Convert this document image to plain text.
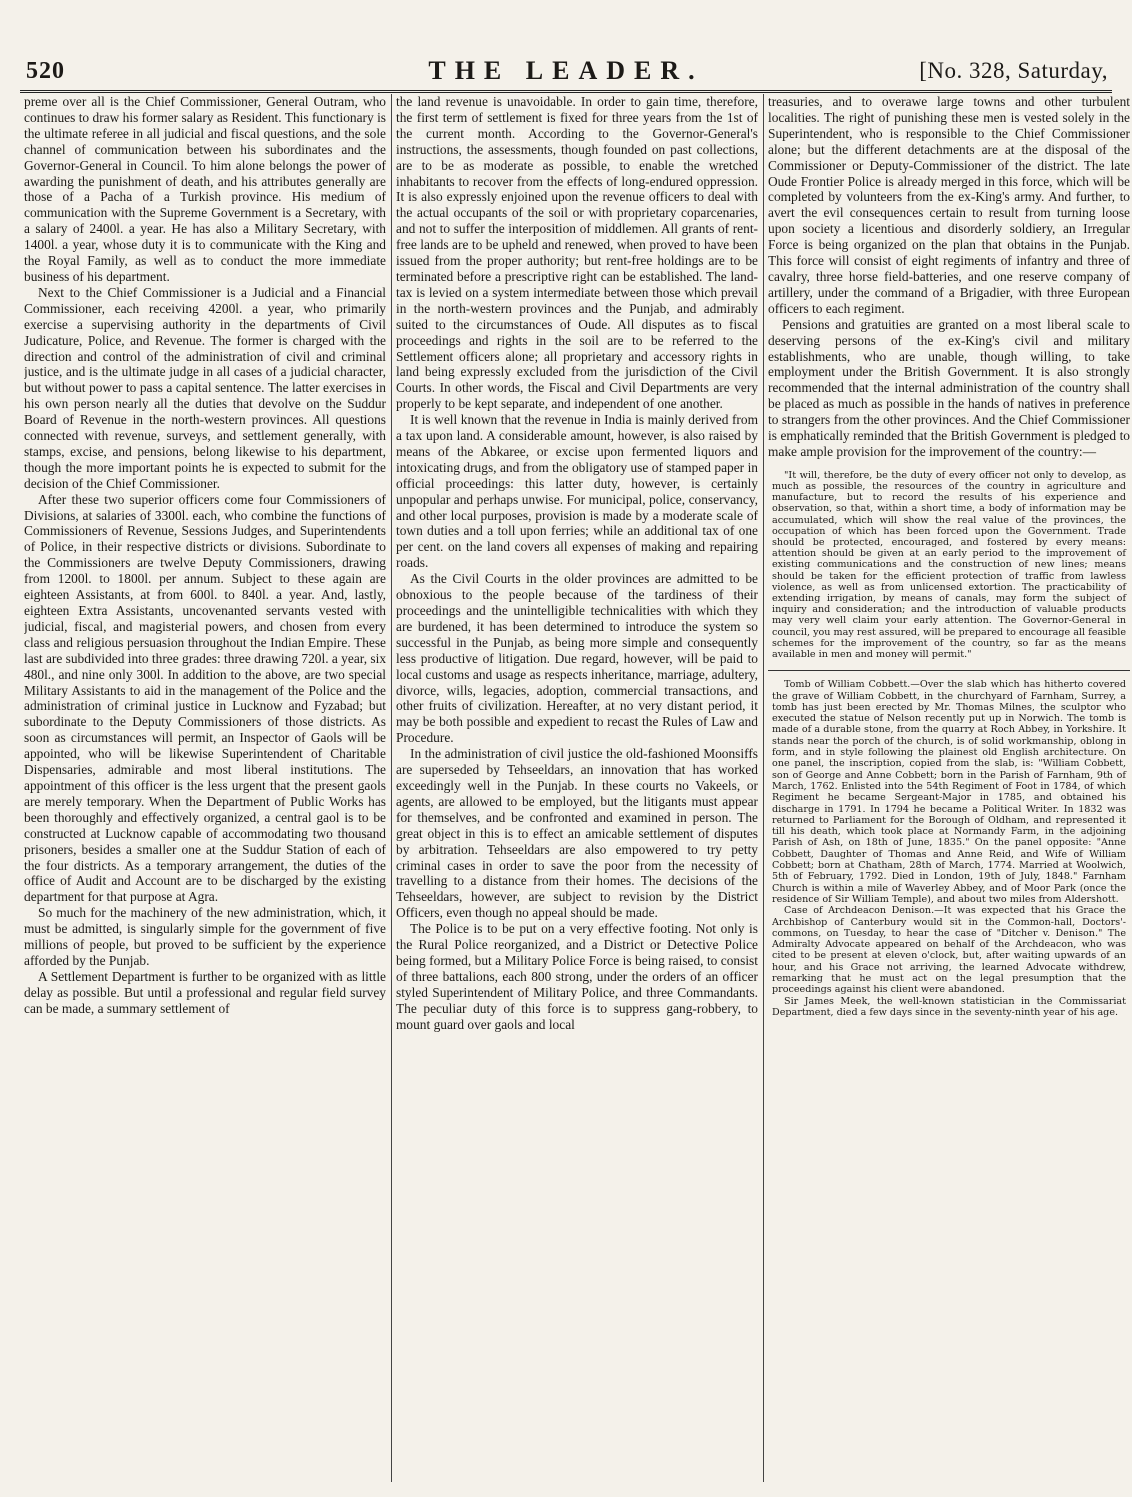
520	THE LEADER.	[No. 328, Saturday,

preme over all is the Chief Commissioner, General Outram, who continues to draw his former salary as Resident. This functionary is the ultimate referee in all judicial and fiscal questions, and the sole channel of communication between his subordinates and the Governor-General in Council. To him alone belongs the power of awarding the punishment of death, and his attributes generally are those of a Pacha of a Turkish province. His medium of communication with the Supreme Government is a Secretary, with a salary of 2400l. a year. He has also a Military Secretary, with 1400l. a year, whose duty it is to communicate with the King and the Royal Family, as well as to conduct the more immediate business of his department.

Next to the Chief Commissioner is a Judicial and a Financial Commissioner, each receiving 4200l. a year, who primarily exercise a supervising authority in the departments of Civil Judicature, Police, and Revenue. The former is charged with the direction and control of the administration of civil and criminal justice, and is the ultimate judge in all cases of a judicial character, but without power to pass a capital sentence. The latter exercises in his own person nearly all the duties that devolve on the Suddur Board of Revenue in the north-western provinces. All questions connected with revenue, surveys, and settlement generally, with stamps, excise, and pensions, belong likewise to his department, though the more important points he is expected to submit for the decision of the Chief Commissioner.

After these two superior officers come four Commissioners of Divisions, at salaries of 3300l. each, who combine the functions of Commissioners of Revenue, Sessions Judges, and Superintendents of Police, in their respective districts or divisions. Subordinate to the Commissioners are twelve Deputy Commissioners, drawing from 1200l. to 1800l. per annum. Subject to these again are eighteen Assistants, at from 600l. to 840l. a year. And, lastly, eighteen Extra Assistants, uncovenanted servants vested with judicial, fiscal, and magisterial powers, and chosen from every class and religious persuasion throughout the Indian Empire. These last are subdivided into three grades: three drawing 720l. a year, six 480l., and nine only 300l. In addition to the above, are two special Military Assistants to aid in the management of the Police and the administration of criminal justice in Lucknow and Fyzabad; but subordinate to the Deputy Commissioners of those districts. As soon as circumstances will permit, an Inspector of Gaols will be appointed, who will be likewise Superintendent of Charitable Dispensaries, admirable and most liberal institutions. The appointment of this officer is the less urgent that the present gaols are merely temporary. When the Department of Public Works has been thoroughly and effectively organized, a central gaol is to be constructed at Lucknow capable of accommodating two thousand prisoners, besides a smaller one at the Suddur Station of each of the four districts. As a temporary arrangement, the duties of the office of Audit and Account are to be discharged by the existing department for that purpose at Agra.

So much for the machinery of the new administration, which, it must be admitted, is singularly simple for the government of five millions of people, but proved to be sufficient by the experience afforded by the Punjab.

A Settlement Department is further to be organized with as little delay as possible. But until a professional and regular field survey can be made, a summary settlement of

the land revenue is unavoidable. In order to gain time, therefore, the first term of settlement is fixed for three years from the 1st of the current month. According to the Governor-General's instructions, the assessments, though founded on past collections, are to be as moderate as possible, to enable the wretched inhabitants to recover from the effects of long-endured oppression. It is also expressly enjoined upon the revenue officers to deal with the actual occupants of the soil or with proprietary coparcenaries, and not to suffer the interposition of middlemen. All grants of rent-free lands are to be upheld and renewed, when proved to have been issued from the proper authority; but rent-free holdings are to be terminated before a prescriptive right can be established. The land-tax is levied on a system intermediate between those which prevail in the north-western provinces and the Punjab, and admirably suited to the circumstances of Oude. All disputes as to fiscal proceedings and rights in the soil are to be referred to the Settlement officers alone; all proprietary and accessory rights in land being expressly excluded from the jurisdiction of the Civil Courts. In other words, the Fiscal and Civil Departments are very properly to be kept separate, and independent of one another.

It is well known that the revenue in India is mainly derived from a tax upon land. A considerable amount, however, is also raised by means of the Abkaree, or excise upon fermented liquors and intoxicating drugs, and from the obligatory use of stamped paper in official proceedings: this latter duty, however, is certainly unpopular and perhaps unwise. For municipal, police, conservancy, and other local purposes, provision is made by a moderate scale of town duties and a toll upon ferries; while an additional tax of one per cent. on the land covers all expenses of making and repairing roads.

As the Civil Courts in the older provinces are admitted to be obnoxious to the people because of the tardiness of their proceedings and the unintelligible technicalities with which they are burdened, it has been determined to introduce the system so successful in the Punjab, as being more simple and consequently less productive of litigation. Due regard, however, will be paid to local customs and usage as respects inheritance, marriage, adultery, divorce, wills, legacies, adoption, commercial transactions, and other fruits of civilization. Hereafter, at no very distant period, it may be both possible and expedient to recast the Rules of Law and Procedure.

In the administration of civil justice the old-fashioned Moonsiffs are superseded by Tehseeldars, an innovation that has worked exceedingly well in the Punjab. In these courts no Vakeels, or agents, are allowed to be employed, but the litigants must appear for themselves, and be confronted and examined in person. The great object in this is to effect an amicable settlement of disputes by arbitration. Tehseeldars are also empowered to try petty criminal cases in order to save the poor from the necessity of travelling to a distance from their homes. The decisions of the Tehseeldars, however, are subject to revision by the District Officers, even though no appeal should be made.

The Police is to be put on a very effective footing. Not only is the Rural Police reorganized, and a District or Detective Police being formed, but a Military Police Force is being raised, to consist of three battalions, each 800 strong, under the orders of an officer styled Superintendent of Military Police, and three Commandants. The peculiar duty of this force is to suppress gang-robbery, to mount guard over gaols and local

treasuries, and to overawe large towns and other turbulent localities. The right of punishing these men is vested solely in the Superintendent, who is responsible to the Chief Commissioner alone; but the different detachments are at the disposal of the Commissioner or Deputy-Commissioner of the district. The late Oude Frontier Police is already merged in this force, which will be completed by volunteers from the ex-King's army. And further, to avert the evil consequences certain to result from turning loose upon society a licentious and disorderly soldiery, an Irregular Force is being organized on the plan that obtains in the Punjab. This force will consist of eight regiments of infantry and three of cavalry, three horse field-batteries, and one reserve company of artillery, under the command of a Brigadier, with three European officers to each regiment.

Pensions and gratuities are granted on a most liberal scale to deserving persons of the ex-King's civil and military establishments, who are unable, though willing, to take employment under the British Government. It is also strongly recommended that the internal administration of the country shall be placed as much as possible in the hands of natives in preference to strangers from the other provinces. And the Chief Commissioner is emphatically reminded that the British Government is pledged to make ample provision for the improvement of the country:—

"It will, therefore, be the duty of every officer not only to develop, as much as possible, the resources of the country in agriculture and manufacture, but to record the results of his experience and observation, so that, within a short time, a body of information may be accumulated, which will show the real value of the provinces, the occupation of which has been forced upon the Government. Trade should be protected, encouraged, and fostered by every means: attention should be given at an early period to the improvement of existing communications and the construction of new lines; means should be taken for the efficient protection of traffic from lawless violence, as well as from unlicensed extortion. The practicability of extending irrigation, by means of canals, may form the subject of inquiry and consideration; and the introduction of valuable products may very well claim your early attention. The Governor-General in council, you may rest assured, will be prepared to encourage all feasible schemes for the improvement of the country, so far as the means available in men and money will permit."
Tomb of William Cobbett.—Over the slab which has hitherto covered the grave of William Cobbett, in the churchyard of Farnham, Surrey, a tomb has just been erected by Mr. Thomas Milnes, the sculptor who executed the statue of Nelson recently put up in Norwich. The tomb is made of a durable stone, from the quarry at Roch Abbey, in Yorkshire. It stands near the porch of the church, is of solid workmanship, oblong in form, and in style following the plainest old English architecture. On one panel, the inscription, copied from the slab, is: "William Cobbett, son of George and Anne Cobbett; born in the Parish of Farnham, 9th of March, 1762. Enlisted into the 54th Regiment of Foot in 1784, of which Regiment he became Sergeant-Major in 1785, and obtained his discharge in 1791. In 1794 he became a Political Writer. In 1832 was returned to Parliament for the Borough of Oldham, and represented it till his death, which took place at Normandy Farm, in the adjoining Parish of Ash, on 18th of June, 1835." On the panel opposite: "Anne Cobbett, Daughter of Thomas and Anne Reid, and Wife of William Cobbett; born at Chatham, 28th of March, 1774. Married at Woolwich, 5th of February, 1792. Died in London, 19th of July, 1848." Farnham Church is within a mile of Waverley Abbey, and of Moor Park (once the residence of Sir William Temple), and about two miles from Aldershott.
Case of Archdeacon Denison.—It was expected that his Grace the Archbishop of Canterbury would sit in the Common-hall, Doctors'-commons, on Tuesday, to hear the case of "Ditcher v. Denison." The Admiralty Advocate appeared on behalf of the Archdeacon, who was cited to be present at eleven o'clock, but, after waiting upwards of an hour, and his Grace not arriving, the learned Advocate withdrew, remarking that he must act on the legal presumption that the proceedings against his client were abandoned.
Sir James Meek, the well-known statistician in the Commissariat Department, died a few days since in the seventy-ninth year of his age.
